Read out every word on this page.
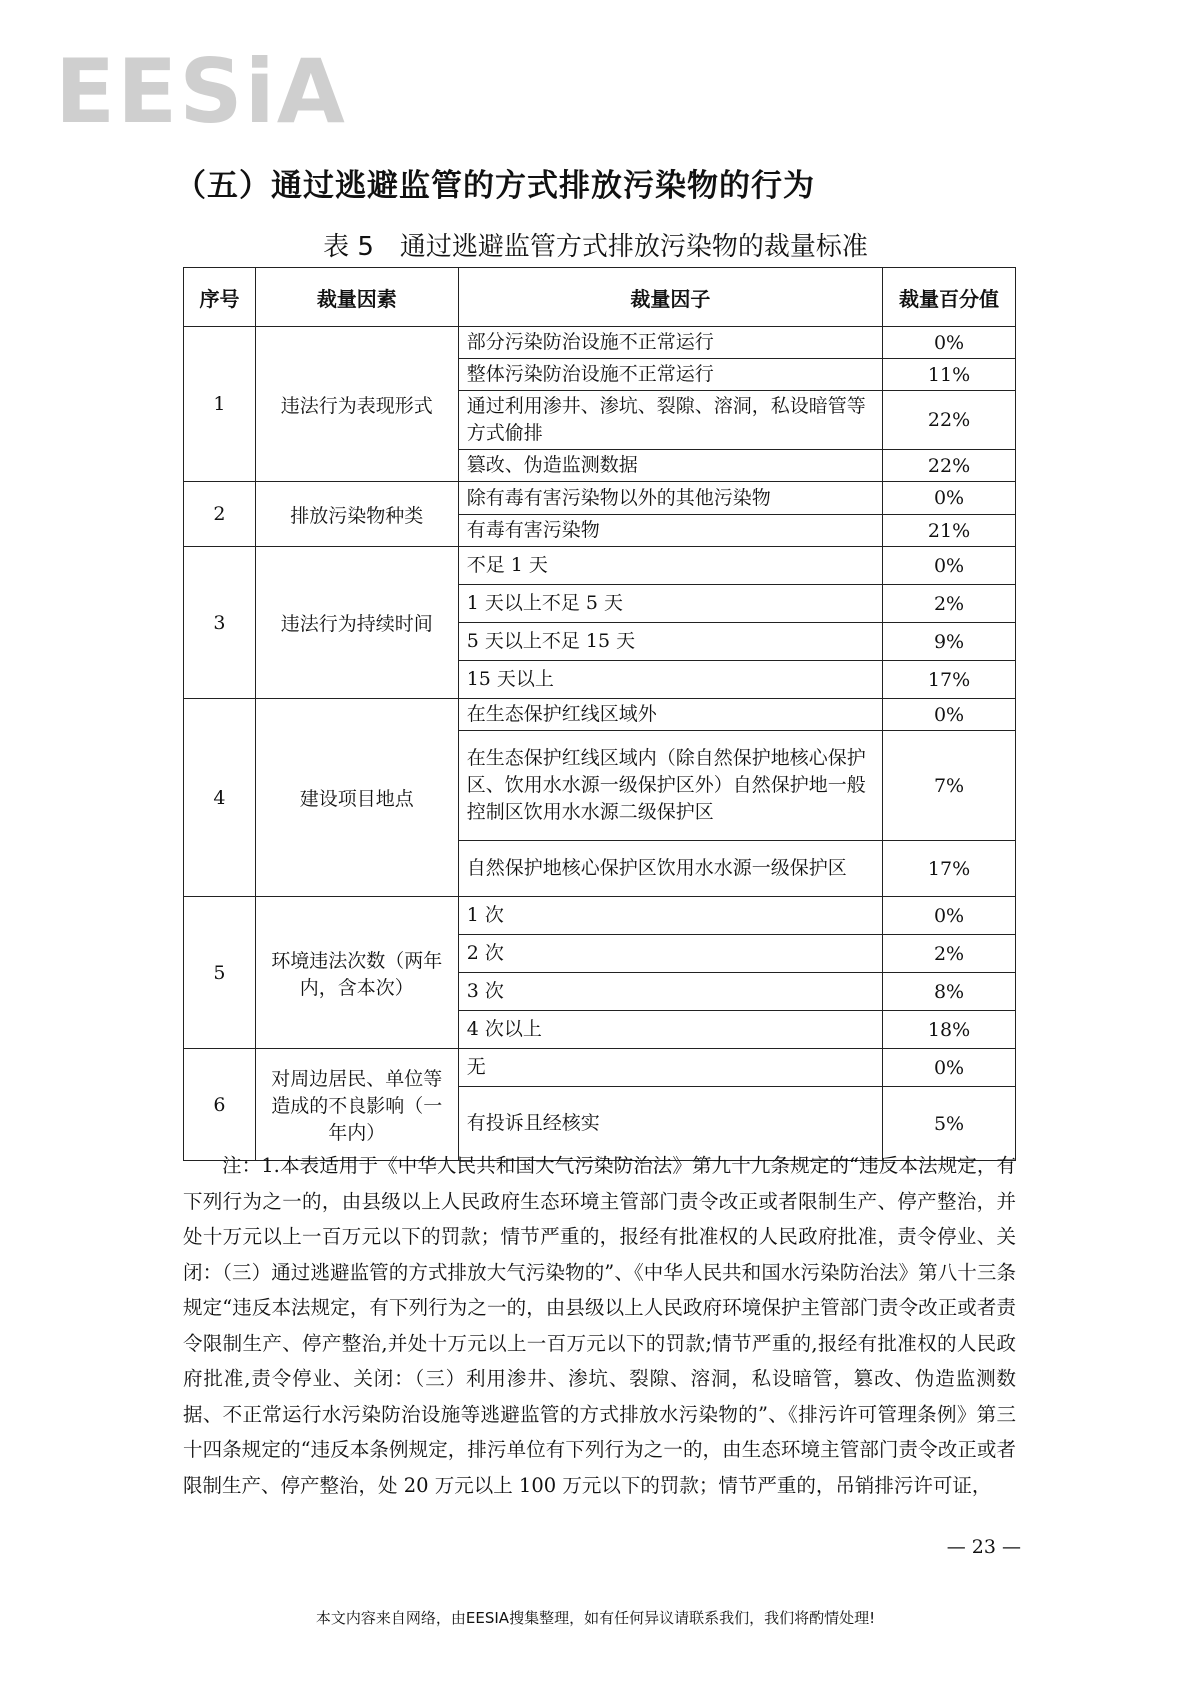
EESiA
（五）通过逃避监管的方式排放污染物的行为
表 5　通过逃避监管方式排放污染物的裁量标准
序号	裁量因素	裁量因子	裁量百分值
1	违法行为表现形式	部分污染防治设施不正常运行	0%
		整体污染防治设施不正常运行	11%
		通过利用渗井、渗坑、裂隙、溶洞，私设暗管等方式偷排	22%
		篡改、伪造监测数据	22%
2	排放污染物种类	除有毒有害污染物以外的其他污染物	0%
		有毒有害污染物	21%
3	违法行为持续时间	不足 1 天	0%
		1 天以上不足 5 天	2%
		5 天以上不足 15 天	9%
		15 天以上	17%
4	建设项目地点	在生态保护红线区域外	0%
		在生态保护红线区域内（除自然保护地核心保护区、饮用水水源一级保护区外）自然保护地一般控制区饮用水水源二级保护区	7%
		自然保护地核心保护区饮用水水源一级保护区	17%
5	环境违法次数（两年内，含本次）	1 次	0%
		2 次	2%
		3 次	8%
		4 次以上	18%
6	对周边居民、单位等造成的不良影响（一年内）	无	0%
		有投诉且经核实	5%
注：1.本表适用于《中华人民共和国大气污染防治法》第九十九条规定的“违反本法规定，有下列行为之一的，由县级以上人民政府生态环境主管部门责令改正或者限制生产、停产整治，并处十万元以上一百万元以下的罚款；情节严重的，报经有批准权的人民政府批准，责令停业、关闭：（三）通过逃避监管的方式排放大气污染物的”、《中华人民共和国水污染防治法》第八十三条规定“违反本法规定，有下列行为之一的，由县级以上人民政府环境保护主管部门责令改正或者责令限制生产、停产整治,并处十万元以上一百万元以下的罚款;情节严重的,报经有批准权的人民政府批准,责令停业、关闭：（三）利用渗井、渗坑、裂隙、溶洞，私设暗管，篡改、伪造监测数据、不正常运行水污染防治设施等逃避监管的方式排放水污染物的”、《排污许可管理条例》第三十四条规定的“违反本条例规定，排污单位有下列行为之一的，由生态环境主管部门责令改正或者限制生产、停产整治，处 20 万元以上 100 万元以下的罚款；情节严重的，吊销排污许可证，
— 23 —
本文内容来自网络，由EESIA搜集整理，如有任何异议请联系我们，我们将酌情处理!
